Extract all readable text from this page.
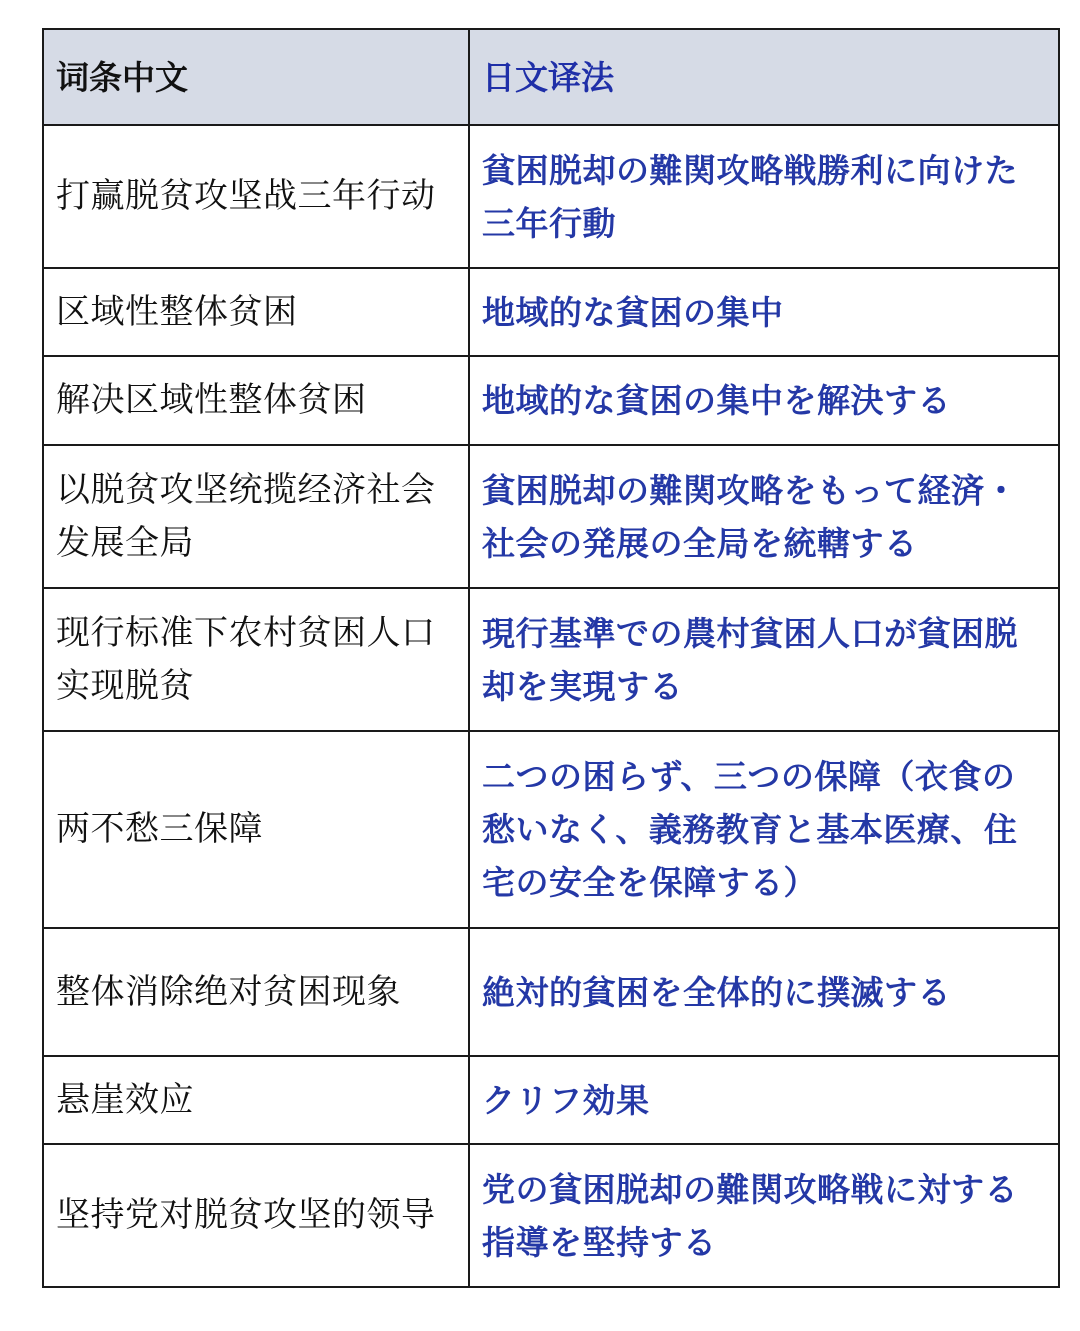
词条中文	日文译法
打赢脱贫攻坚战三年行动	貧困脱却の難関攻略戦勝利に向けた三年行動
区域性整体贫困	地域的な貧困の集中
解决区域性整体贫困	地域的な貧困の集中を解決する
以脱贫攻坚统揽经济社会发展全局	貧困脱却の難関攻略をもって経済・社会の発展の全局を統轄する
现行标准下农村贫困人口实现脱贫	現行基準での農村貧困人口が貧困脱却を実現する
两不愁三保障	二つの困らず、三つの保障（衣食の愁いなく、義務教育と基本医療、住宅の安全を保障する）
整体消除绝对贫困现象	絶対的貧困を全体的に撲滅する
悬崖效应	クリフ効果
坚持党对脱贫攻坚的领导	党の貧困脱却の難関攻略戦に対する指導を堅持する
